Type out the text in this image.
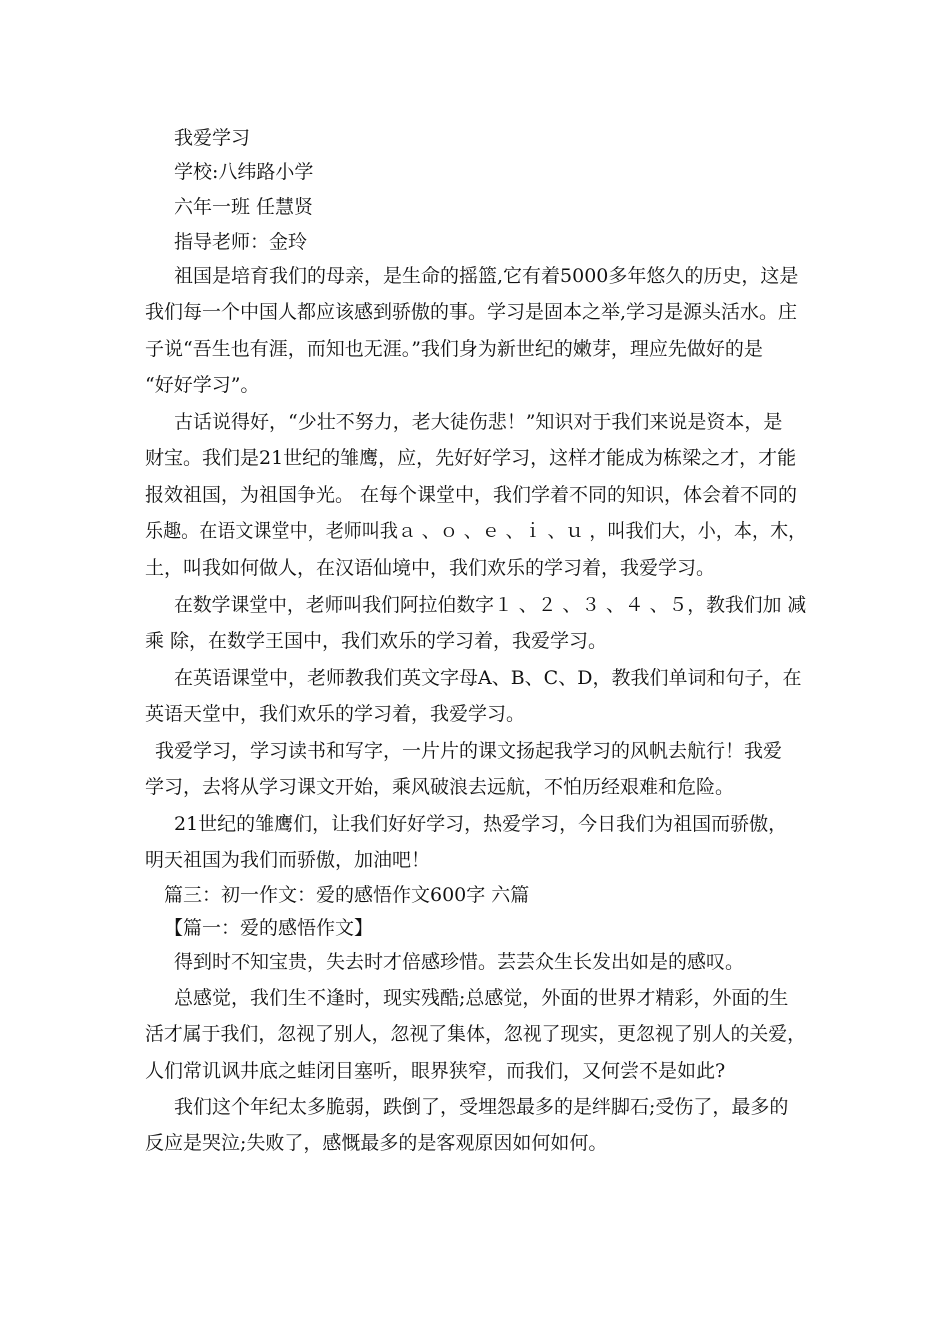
我爱学习
学校:八纬路小学
六年一班 任慧贤
指导老师：金玲
祖国是培育我们的母亲，是生命的摇篮,它有着5000多年悠久的历史，这是
我们每一个中国人都应该感到骄傲的事。学习是固本之举,学习是源头活水。庄
子说“吾生也有涯，而知也无涯。”我们身为新世纪的嫩芽，理应先做好的是
“好好学习”。
古话说得好，“少壮不努力，老大徒伤悲！”知识对于我们来说是资本，是
财宝。我们是21世纪的雏鹰，应，先好好学习，这样才能成为栋梁之才，才能
报效祖国，为祖国争光。 在每个课堂中，我们学着不同的知识，体会着不同的
乐趣。在语文课堂中，老师叫我ａ 、ｏ 、ｅ 、ｉ 、ｕ ，叫我们大，小，本，木，
土，叫我如何做人，在汉语仙境中，我们欢乐的学习着，我爱学习。
在数学课堂中，老师叫我们阿拉伯数字１ 、２ 、３ 、４ 、５，教我们加 减
乘 除，在数学王国中，我们欢乐的学习着，我爱学习。
在英语课堂中，老师教我们英文字母A、B、C、D，教我们单词和句子，在
英语天堂中，我们欢乐的学习着，我爱学习。
我爱学习，学习读书和写字，一片片的课文扬起我学习的风帆去航行！我爱
学习，去将从学习课文开始，乘风破浪去远航，不怕历经艰难和危险。
21世纪的雏鹰们，让我们好好学习，热爱学习，今日我们为祖国而骄傲，
明天祖国为我们而骄傲，加油吧！
篇三：初一作文：爱的感悟作文600字 六篇
【篇一：爱的感悟作文】
得到时不知宝贵，失去时才倍感珍惜。芸芸众生长发出如是的感叹。
总感觉，我们生不逢时，现实残酷;总感觉，外面的世界才精彩，外面的生
活才属于我们，忽视了别人，忽视了集体，忽视了现实，更忽视了别人的关爱，
人们常讥讽井底之蛙闭目塞听，眼界狭窄，而我们，又何尝不是如此?
我们这个年纪太多脆弱，跌倒了，受埋怨最多的是绊脚石;受伤了，最多的
反应是哭泣;失败了，感慨最多的是客观原因如何如何。
